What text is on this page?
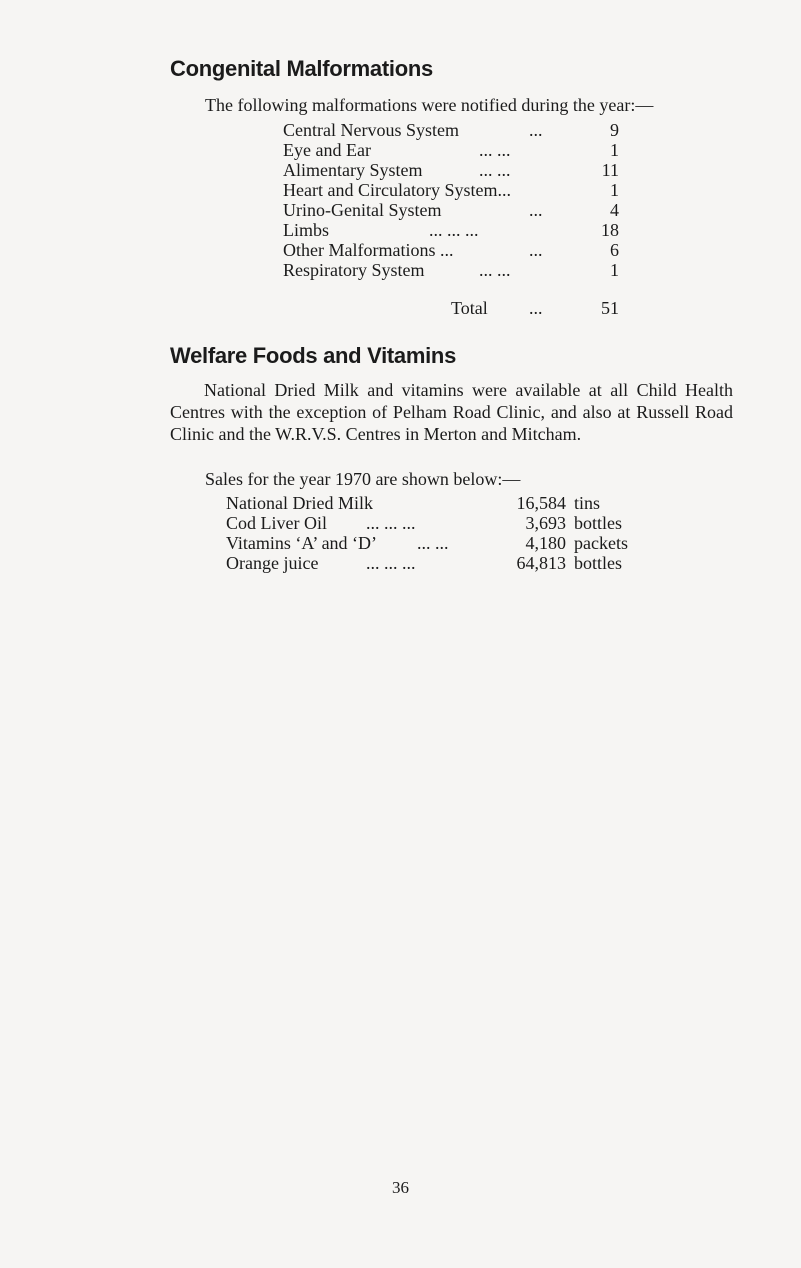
Congenital Malformations

The following malformations were notified during the year:—

Central Nervous System	...	9
Eye and Ear	... ...	1
Alimentary System	... ...	11
Heart and Circulatory System...	1
Urino-Genital System	...	4
Limbs	... ... ...	18
Other Malformations ...	...	6
Respiratory System	... ...	1
Total ...	51
Welfare Foods and Vitamins

National Dried Milk and vitamins were available at all Child Health Centres with the exception of Pelham Road Clinic, and also at Russell Road Clinic and the W.R.V.S. Centres in Merton and Mitcham.

Sales for the year 1970 are shown below:—

National Dried Milk	16,584 tins
Cod Liver Oil ... ... ...	3,693 bottles
Vitamins ‘A’ and ‘D’ ... ...	4,180 packets
Orange juice	... ... ...	64,813 bottles
36
